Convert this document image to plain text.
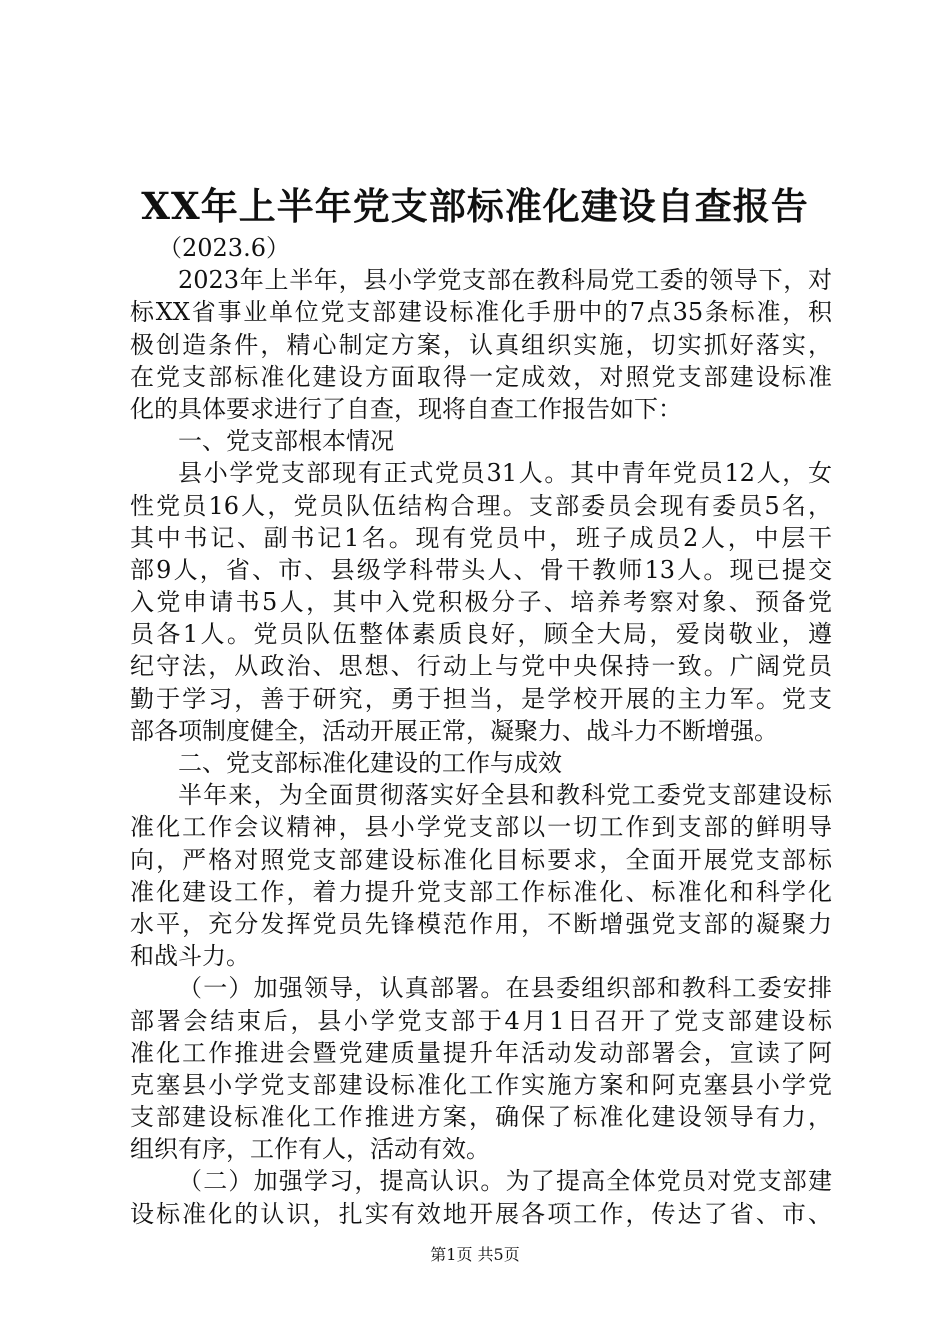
XX年上半年党支部标准化建设自查报告
（2023.6）
2023年上半年，县小学党支部在教科局党工委的领导下，对
标XX省事业单位党支部建设标准化手册中的7点35条标准，积
极创造条件，精心制定方案，认真组织实施，切实抓好落实，
在党支部标准化建设方面取得一定成效，对照党支部建设标准
化的具体要求进行了自查，现将自查工作报告如下：
一、党支部根本情况
县小学党支部现有正式党员31人。其中青年党员12人，女
性党员16人，党员队伍结构合理。支部委员会现有委员5名，
其中书记、副书记1名。现有党员中，班子成员2人，中层干
部9人，省、市、县级学科带头人、骨干教师13人。现已提交
入党申请书5人，其中入党积极分子、培养考察对象、预备党
员各1人。党员队伍整体素质良好，顾全大局，爱岗敬业，遵
纪守法，从政治、思想、行动上与党中央保持一致。广阔党员
勤于学习，善于研究，勇于担当，是学校开展的主力军。党支
部各项制度健全，活动开展正常，凝聚力、战斗力不断增强。
二、党支部标准化建设的工作与成效
半年来，为全面贯彻落实好全县和教科党工委党支部建设标
准化工作会议精神，县小学党支部以一切工作到支部的鲜明导
向，严格对照党支部建设标准化目标要求，全面开展党支部标
准化建设工作，着力提升党支部工作标准化、标准化和科学化
水平，充分发挥党员先锋模范作用，不断增强党支部的凝聚力
和战斗力。
（一）加强领导，认真部署。在县委组织部和教科工委安排
部署会结束后，县小学党支部于4月1日召开了党支部建设标
准化工作推进会暨党建质量提升年活动发动部署会，宣读了阿
克塞县小学党支部建设标准化工作实施方案和阿克塞县小学党
支部建设标准化工作推进方案，确保了标准化建设领导有力，
组织有序，工作有人，活动有效。
（二）加强学习，提高认识。为了提高全体党员对党支部建
设标准化的认识，扎实有效地开展各项工作，传达了省、市、
第1页 共5页
